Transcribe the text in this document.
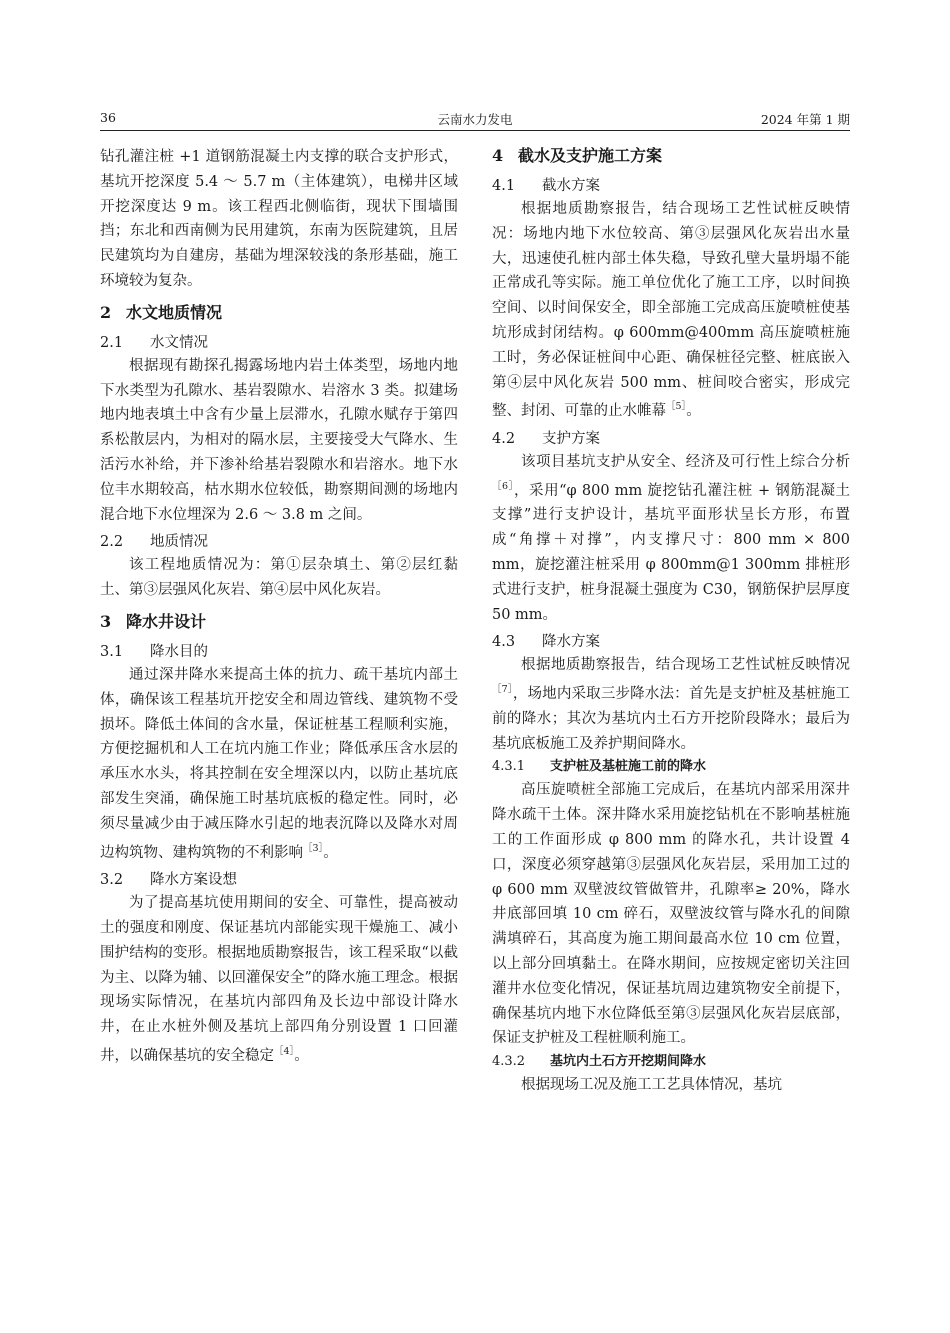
36	云南水力发电	2024 年第 1 期

钻孔灌注桩 +1 道钢筋混凝土内支撑的联合支护形式，基坑开挖深度 5.4 ～ 5.7 m（主体建筑），电梯井区域开挖深度达 9 m。该工程西北侧临街，现状下围墙围挡；东北和西南侧为民用建筑，东南为医院建筑，且居民建筑均为自建房，基础为埋深较浅的条形基础，施工环境较为复杂。

2 水文地质情况
2.1 水文情况

根据现有勘探孔揭露场地内岩土体类型，场地内地下水类型为孔隙水、基岩裂隙水、岩溶水 3 类。拟建场地内地表填土中含有少量上层滞水，孔隙水赋存于第四系松散层内，为相对的隔水层，主要接受大气降水、生活污水补给，并下渗补给基岩裂隙水和岩溶水。地下水位丰水期较高，枯水期水位较低，勘察期间测的场地内混合地下水位埋深为 2.6 ～ 3.8 m 之间。

2.2 地质情况

该工程地质情况为：第①层杂填土、第②层红黏土、第③层强风化灰岩、第④层中风化灰岩。

3 降水井设计
3.1 降水目的

通过深井降水来提高土体的抗力、疏干基坑内部土体，确保该工程基坑开挖安全和周边管线、建筑物不受损坏。降低土体间的含水量，保证桩基工程顺利实施，方便挖掘机和人工在坑内施工作业；降低承压含水层的承压水水头，将其控制在安全埋深以内，以防止基坑底部发生突涌，确保施工时基坑底板的稳定性。同时，必须尽量减少由于减压降水引起的地表沉降以及降水对周边构筑物、建构筑物的不利影响$^{[3]}$。

3.2 降水方案设想

为了提高基坑使用期间的安全、可靠性，提高被动土的强度和刚度、保证基坑内部能实现干燥施工、减小围护结构的变形。根据地质勘察报告，该工程采取“以截为主、以降为辅、以回灌保安全”的降水施工理念。根据现场实际情况，在基坑内部四角及长边中部设计降水井，在止水桩外侧及基坑上部四角分别设置 1 口回灌井，以确保基坑的安全稳定$^{[4]}$。

4 截水及支护施工方案
4.1 截水方案

根据地质勘察报告，结合现场工艺性试桩反映情况：场地内地下水位较高、第③层强风化灰岩出水量大，迅速使孔桩内部土体失稳，导致孔壁大量坍塌不能正常成孔等实际。施工单位优化了施工工序，以时间换空间、以时间保安全，即全部施工完成高压旋喷桩使基坑形成封闭结构。φ 600mm@400mm 高压旋喷桩施工时，务必保证桩间中心距、确保桩径完整、桩底嵌入第④层中风化灰岩 500 mm、桩间咬合密实，形成完整、封闭、可靠的止水帷幕$^{[5]}$。

4.2 支护方案

该项目基坑支护从安全、经济及可行性上综合分析$^{[6]}$，采用“φ 800 mm 旋挖钻孔灌注桩 + 钢筋混凝土支撑”进行支护设计，基坑平面形状呈长方形，布置成“角撑＋对撑”，内支撑尺寸：800 mm × 800 mm，旋挖灌注桩采用 φ 800mm@1 300mm 排桩形式进行支护，桩身混凝土强度为 C30，钢筋保护层厚度 50 mm。

4.3 降水方案

根据地质勘察报告，结合现场工艺性试桩反映情况$^{[7]}$，场地内采取三步降水法：首先是支护桩及基桩施工前的降水；其次为基坑内土石方开挖阶段降水；最后为基坑底板施工及养护期间降水。

4.3.1 支护桩及基桩施工前的降水

高压旋喷桩全部施工完成后，在基坑内部采用深井降水疏干土体。深井降水采用旋挖钻机在不影响基桩施工的工作面形成 φ 800 mm 的降水孔，共计设置 4 口，深度必须穿越第③层强风化灰岩层，采用加工过的 φ 600 mm 双壁波纹管做管井，孔隙率≥ 20%，降水井底部回填 10 cm 碎石，双壁波纹管与降水孔的间隙满填碎石，其高度为施工期间最高水位 10 cm 位置，以上部分回填黏土。在降水期间，应按规定密切关注回灌井水位变化情况，保证基坑周边建筑物安全前提下，确保基坑内地下水位降低至第③层强风化灰岩层底部，保证支护桩及工程桩顺利施工。

4.3.2 基坑内土石方开挖期间降水

根据现场工况及施工工艺具体情况，基坑
